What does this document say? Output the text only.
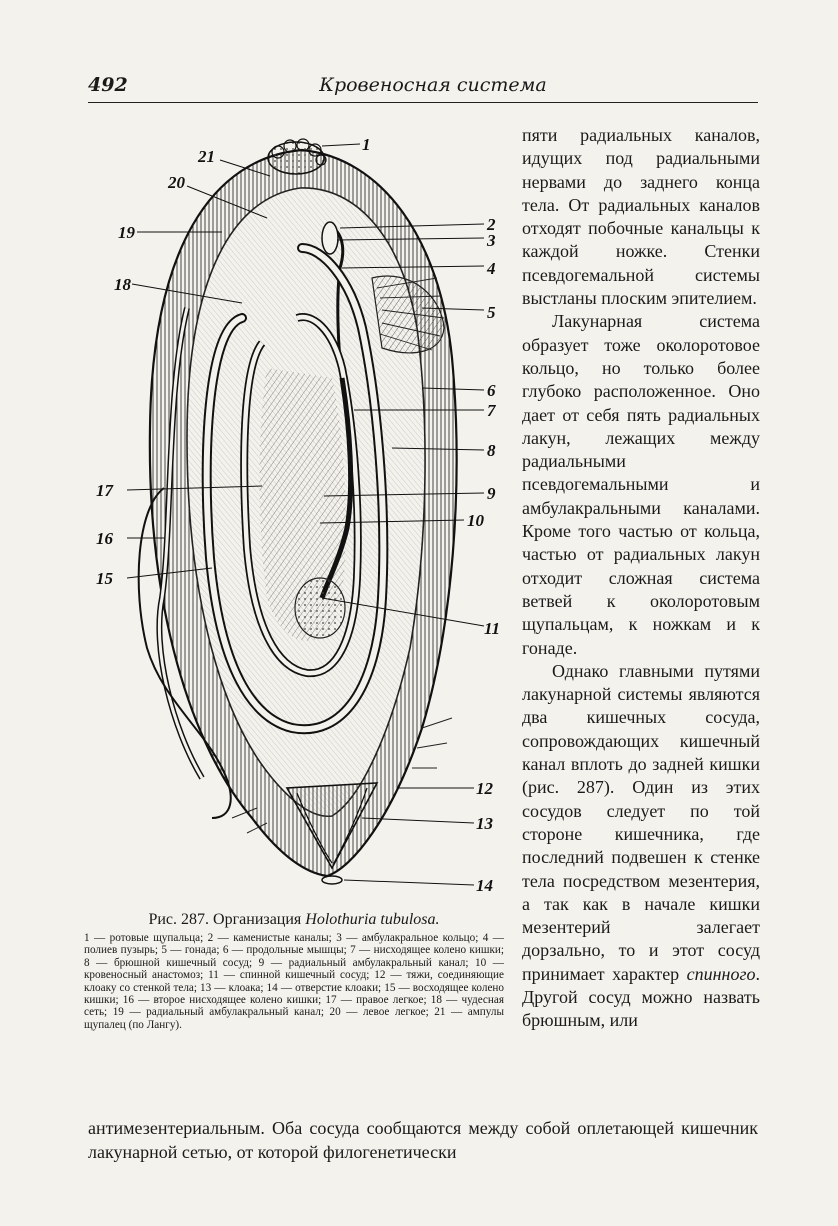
492	Кровеносная система
1
2
3
4
5
6
7
8
9
10
11
12
13
14
15
16
17
18
19
20
21
Рис. 287. Организация Holothuria tubulosa.
1 — ротовые щупальца; 2 — каменистые каналы; 3 — амбулакральное кольцо; 4 — полиев пузырь; 5 — гонада; 6 — продольные мышцы; 7 — нисходящее колено кишки; 8 — брюшной кишечный сосуд; 9 — радиальный амбулакральный канал; 10 — кровеносный анастомоз; 11 — спинной кишечный сосуд; 12 — тяжи, соединяющие клоаку со стенкой тела; 13 — клоака; 14 — отверстие клоаки; 15 — восходящее колено кишки; 16 — второе нисходящее колено кишки; 17 — правое легкое; 18 — чудесная сеть; 19 — радиальный амбулакральный канал; 20 — левое легкое; 21 — ампулы щупалец (по Лангу).

пяти радиальных каналов, идущих под радиальными нервами до заднего конца тела. От радиальных каналов отходят побочные канальцы к каждой ножке. Стенки псевдогемальной системы выстланы плоским эпителием.

Лакунарная система образует тоже околоротовое кольцо, но только более глубоко расположенное. Оно дает от себя пять радиальных лакун, лежащих между радиальными псевдогемальными и амбулакральными каналами. Кроме того частью от кольца, частью от радиальных лакун отходит сложная система ветвей к околоротовым щупальцам, к ножкам и к гонаде.

Однако главными путями лакунарной системы являются два кишечных сосуда, сопровождающих кишечный канал вплоть до задней кишки (рис. 287). Один из этих сосудов следует по той стороне кишечника, где последний подвешен к стенке тела посредством мезентерия, а так как в начале кишки мезентерий залегает дорзально, то и этот сосуд принимает характер спинного. Другой сосуд можно назвать брюшным, или

антимезентериальным. Оба сосуда сообщаются между собой оплетающей кишечник лакунарной сетью, от которой филогенетически
